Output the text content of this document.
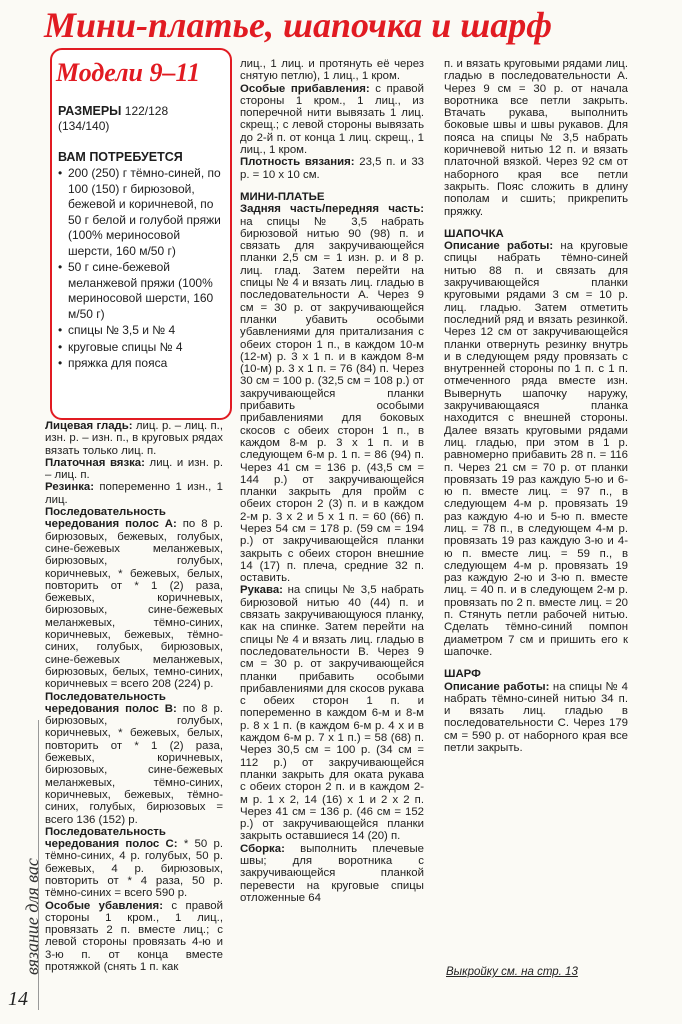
Мини-платье, шапочка и шарф
Модели 9–11
РАЗМЕРЫ 122/128
(134/140)
ВАМ ПОТРЕБУЕТСЯ
• 200 (250) г тёмно-синей, по 100 (150) г бирюзовой, бежевой и коричневой, по 50 г белой и голубой пряжи (100% мериносовой шерсти, 160 м/50 г)
• 50 г сине-бежевой меланжевой пряжи (100% мериносовой шерсти, 160 м/50 г)
• спицы № 3,5 и № 4
• круговые спицы № 4
• пряжка для пояса

Лицевая гладь: лиц. р. – лиц. п., изн. р. – изн. п., в круговых рядах вязать только лиц. п.

Платочная вязка: лиц. и изн. р. – лиц. п.

Резинка: попеременно 1 изн., 1 лиц.

Последовательность чередования полос А: по 8 р. бирюзовых, бежевых, голубых, сине-бежевых меланжевых, бирюзовых, голубых, коричневых, * бежевых, белых, повторить от * 1 (2) раза, бежевых, коричневых, бирюзовых, сине-бежевых меланжевых, тёмно-синих, коричневых, бежевых, тёмно-синих, голубых, бирюзовых, сине-бежевых меланжевых, бирюзовых, белых, темно-синих, коричневых = всего 208 (224) р.

Последовательность чередования полос В: по 8 р. бирюзовых, голубых, коричневых, * бежевых, белых, повторить от * 1 (2) раза, бежевых, коричневых, бирюзовых, сине-бежевых меланжевых, тёмно-синих, коричневых, бежевых, тёмно-синих, голубых, бирюзовых = всего 136 (152) р.

Последовательность чередования полос С: * 50 р. тёмно-синих, 4 р. голубых, 50 р. бежевых, 4 р. бирюзовых, повторить от * 4 раза, 50 р. тёмно-синих = всего 590 р.

Особые убавления: с правой стороны 1 кром., 1 лиц., провязать 2 п. вместе лиц.; с левой стороны провязать 4-ю и 3-ю п. от конца вместе протяжкой (снять 1 п. как

лиц., 1 лиц. и протянуть её через снятую петлю), 1 лиц., 1 кром.

Особые прибавления: с правой стороны 1 кром., 1 лиц., из поперечной нити вывязать 1 лиц. скрещ.; с левой стороны вывязать до 2-й п. от конца 1 лиц. скрещ., 1 лиц., 1 кром.

Плотность вязания: 23,5 п. и 33 р. = 10 х 10 см.

МИНИ-ПЛАТЬЕ

Задняя часть/передняя часть: на спицы № 3,5 набрать бирюзовой нитью 90 (98) п. и связать для закручивающейся планки 2,5 см = 1 изн. р. и 8 р. лиц. глад. Затем перейти на спицы № 4 и вязать лиц. гладью в последовательности А. Через 9 см = 30 р. от закручивающейся планки убавить особыми убавлениями для притализания с обеих сторон 1 п., в каждом 10-м (12-м) р. 3 х 1 п. и в каждом 8-м (10-м) р. 3 х 1 п. = 76 (84) п. Через 30 см = 100 р. (32,5 см = 108 р.) от закручивающейся планки прибавить особыми прибавлениями для боковых скосов с обеих сторон 1 п., в каждом 8-м р. 3 х 1 п. и в следующем 6-м р. 1 п. = 86 (94) п. Через 41 см = 136 р. (43,5 см = 144 р.) от закручивающейся планки закрыть для пройм с обеих сторон 2 (3) п. и в каждом 2-м р. 3 х 2 и 5 х 1 п. = 60 (66) п. Через 54 см = 178 р. (59 см = 194 р.) от закручивающейся планки закрыть с обеих сторон внешние 14 (17) п. плеча, средние 32 п. оставить.

Рукава: на спицы № 3,5 набрать бирюзовой нитью 40 (44) п. и связать закручивающуюся планку, как на спинке. Затем перейти на спицы № 4 и вязать лиц. гладью в последовательности В. Через 9 см = 30 р. от закручивающейся планки прибавить особыми прибавлениями для скосов рукава с обеих сторон 1 п. и попеременно в каждом 6-м и 8-м р. 8 х 1 п. (в каждом 6-м р. 4 х и в каждом 6-м р. 7 х 1 п.) = 58 (68) п. Через 30,5 см = 100 р. (34 см = 112 р.) от закручивающейся планки закрыть для оката рукава с обеих сторон 2 п. и в каждом 2-м р. 1 х 2, 14 (16) х 1 и 2 х 2 п. Через 41 см = 136 р. (46 см = 152 р.) от закручивающейся планки закрыть оставшиеся 14 (20) п.

Сборка: выполнить плечевые швы; для воротника с закручивающейся планкой перевести на круговые спицы отложенные 64

п. и вязать круговыми рядами лиц. гладью в последовательности А. Через 9 см = 30 р. от начала воротника все петли закрыть. Втачать рукава, выполнить боковые швы и швы рукавов. Для пояса на спицы № 3,5 набрать коричневой нитью 12 п. и вязать платочной вязкой. Через 92 см от наборного края все петли закрыть. Пояс сложить в длину пополам и сшить; прикрепить пряжку.

ШАПОЧКА

Описание работы: на круговые спицы набрать тёмно-синей нитью 88 п. и связать для закручивающейся планки круговыми рядами 3 см = 10 р. лиц. гладью. Затем отметить последний ряд и вязать резинкой. Через 12 см от закручивающейся планки отвернуть резинку внутрь и в следующем ряду провязать с внутренней стороны по 1 п. с 1 п. отмеченного ряда вместе изн. Вывернуть шапочку наружу, закручивающаяся планка находится с внешней стороны. Далее вязать круговыми рядами лиц. гладью, при этом в 1 р. равномерно прибавить 28 п. = 116 п. Через 21 см = 70 р. от планки провязать 19 раз каждую 5-ю и 6-ю п. вместе лиц. = 97 п., в следующем 4-м р. провязать 19 раз каждую 4-ю и 5-ю п. вместе лиц. = 78 п., в следующем 4-м р. провязать 19 раз каждую 3-ю и 4-ю п. вместе лиц. = 59 п., в следующем 4-м р. провязать 19 раз каждую 2-ю и 3-ю п. вместе лиц. = 40 п. и в следующем 2-м р. провязать по 2 п. вместе лиц. = 20 п. Стянуть петли рабочей нитью. Сделать тёмно-синий помпон диаметром 7 см и пришить его к шапочке.

ШАРФ

Описание работы: на спицы № 4 набрать тёмно-синей нитью 34 п. и вязать лиц. гладью в последовательности С. Через 179 см = 590 р. от наборного края все петли закрыть.

вязание для вас
14
Выкройку см. на стр. 13
